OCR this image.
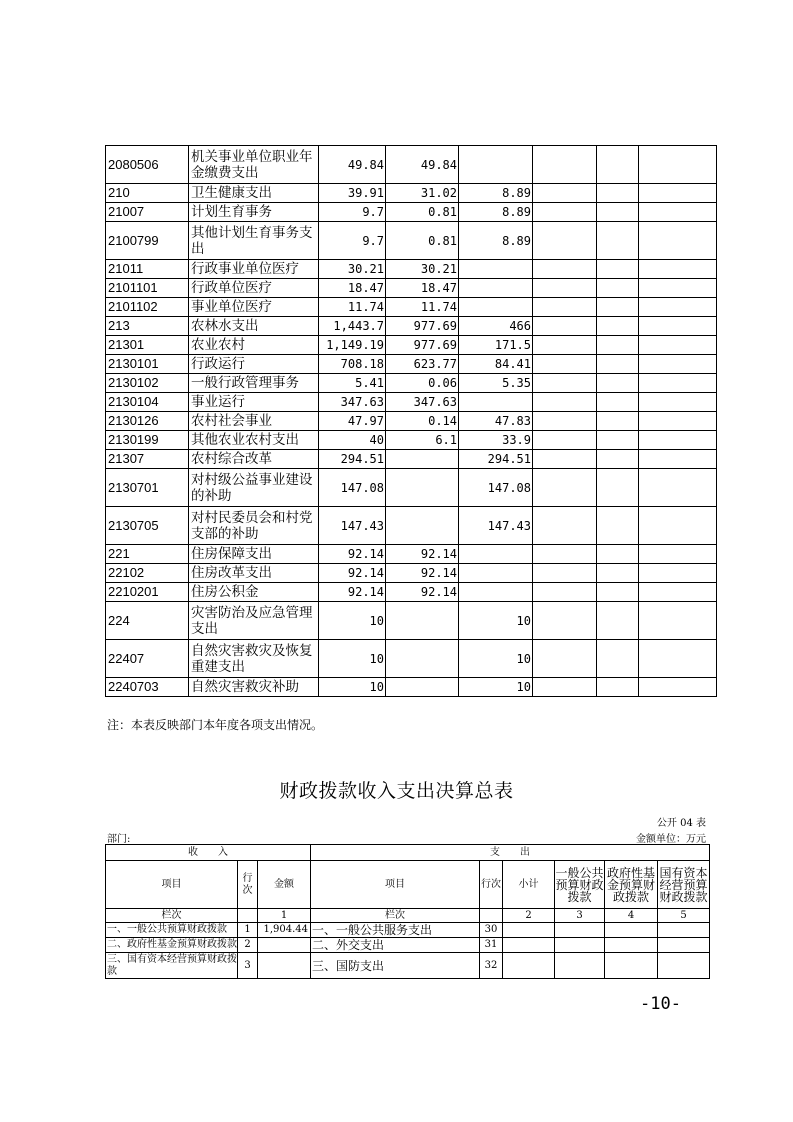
2080506	机关事业单位职业年金缴费支出	49.84	49.84				
210	卫生健康支出	39.91	31.02	8.89			
21007	计划生育事务	9.7	0.81	8.89			
2100799	其他计划生育事务支出	9.7	0.81	8.89			
21011	行政事业单位医疗	30.21	30.21				
2101101	行政单位医疗	18.47	18.47				
2101102	事业单位医疗	11.74	11.74				
213	农林水支出	1,443.7	977.69	466			
21301	农业农村	1,149.19	977.69	171.5			
2130101	行政运行	708.18	623.77	84.41			
2130102	一般行政管理事务	5.41	0.06	5.35			
2130104	事业运行	347.63	347.63				
2130126	农村社会事业	47.97	0.14	47.83			
2130199	其他农业农村支出	40	6.1	33.9			
21307	农村综合改革	294.51		294.51			
2130701	对村级公益事业建设的补助	147.08		147.08			
2130705	对村民委员会和村党支部的补助	147.43		147.43			
221	住房保障支出	92.14	92.14				
22102	住房改革支出	92.14	92.14				
2210201	住房公积金	92.14	92.14				
224	灾害防治及应急管理支出	10		10			
22407	自然灾害救灾及恢复重建支出	10		10			
2240703	自然灾害救灾补助	10		10			
注：本表反映部门本年度各项支出情况。
财政拨款收入支出决算总表
公开 04 表
部门:	金额单位：万元
收　　入			支　　出					
项目	行次	金额	项目	行次	小计	一般公共预算财政拨款	政府性基金预算财政拨款	国有资本经营预算财政拨款
栏次		1	栏次		2	3	4	5
一、一般公共预算财政拨款	1	1,904.44	一、一般公共服务支出	30				
二、政府性基金预算财政拨款	2		二、外交支出	31				
三、国有资本经营预算财政拨款	3		三、国防支出	32				
-10-
